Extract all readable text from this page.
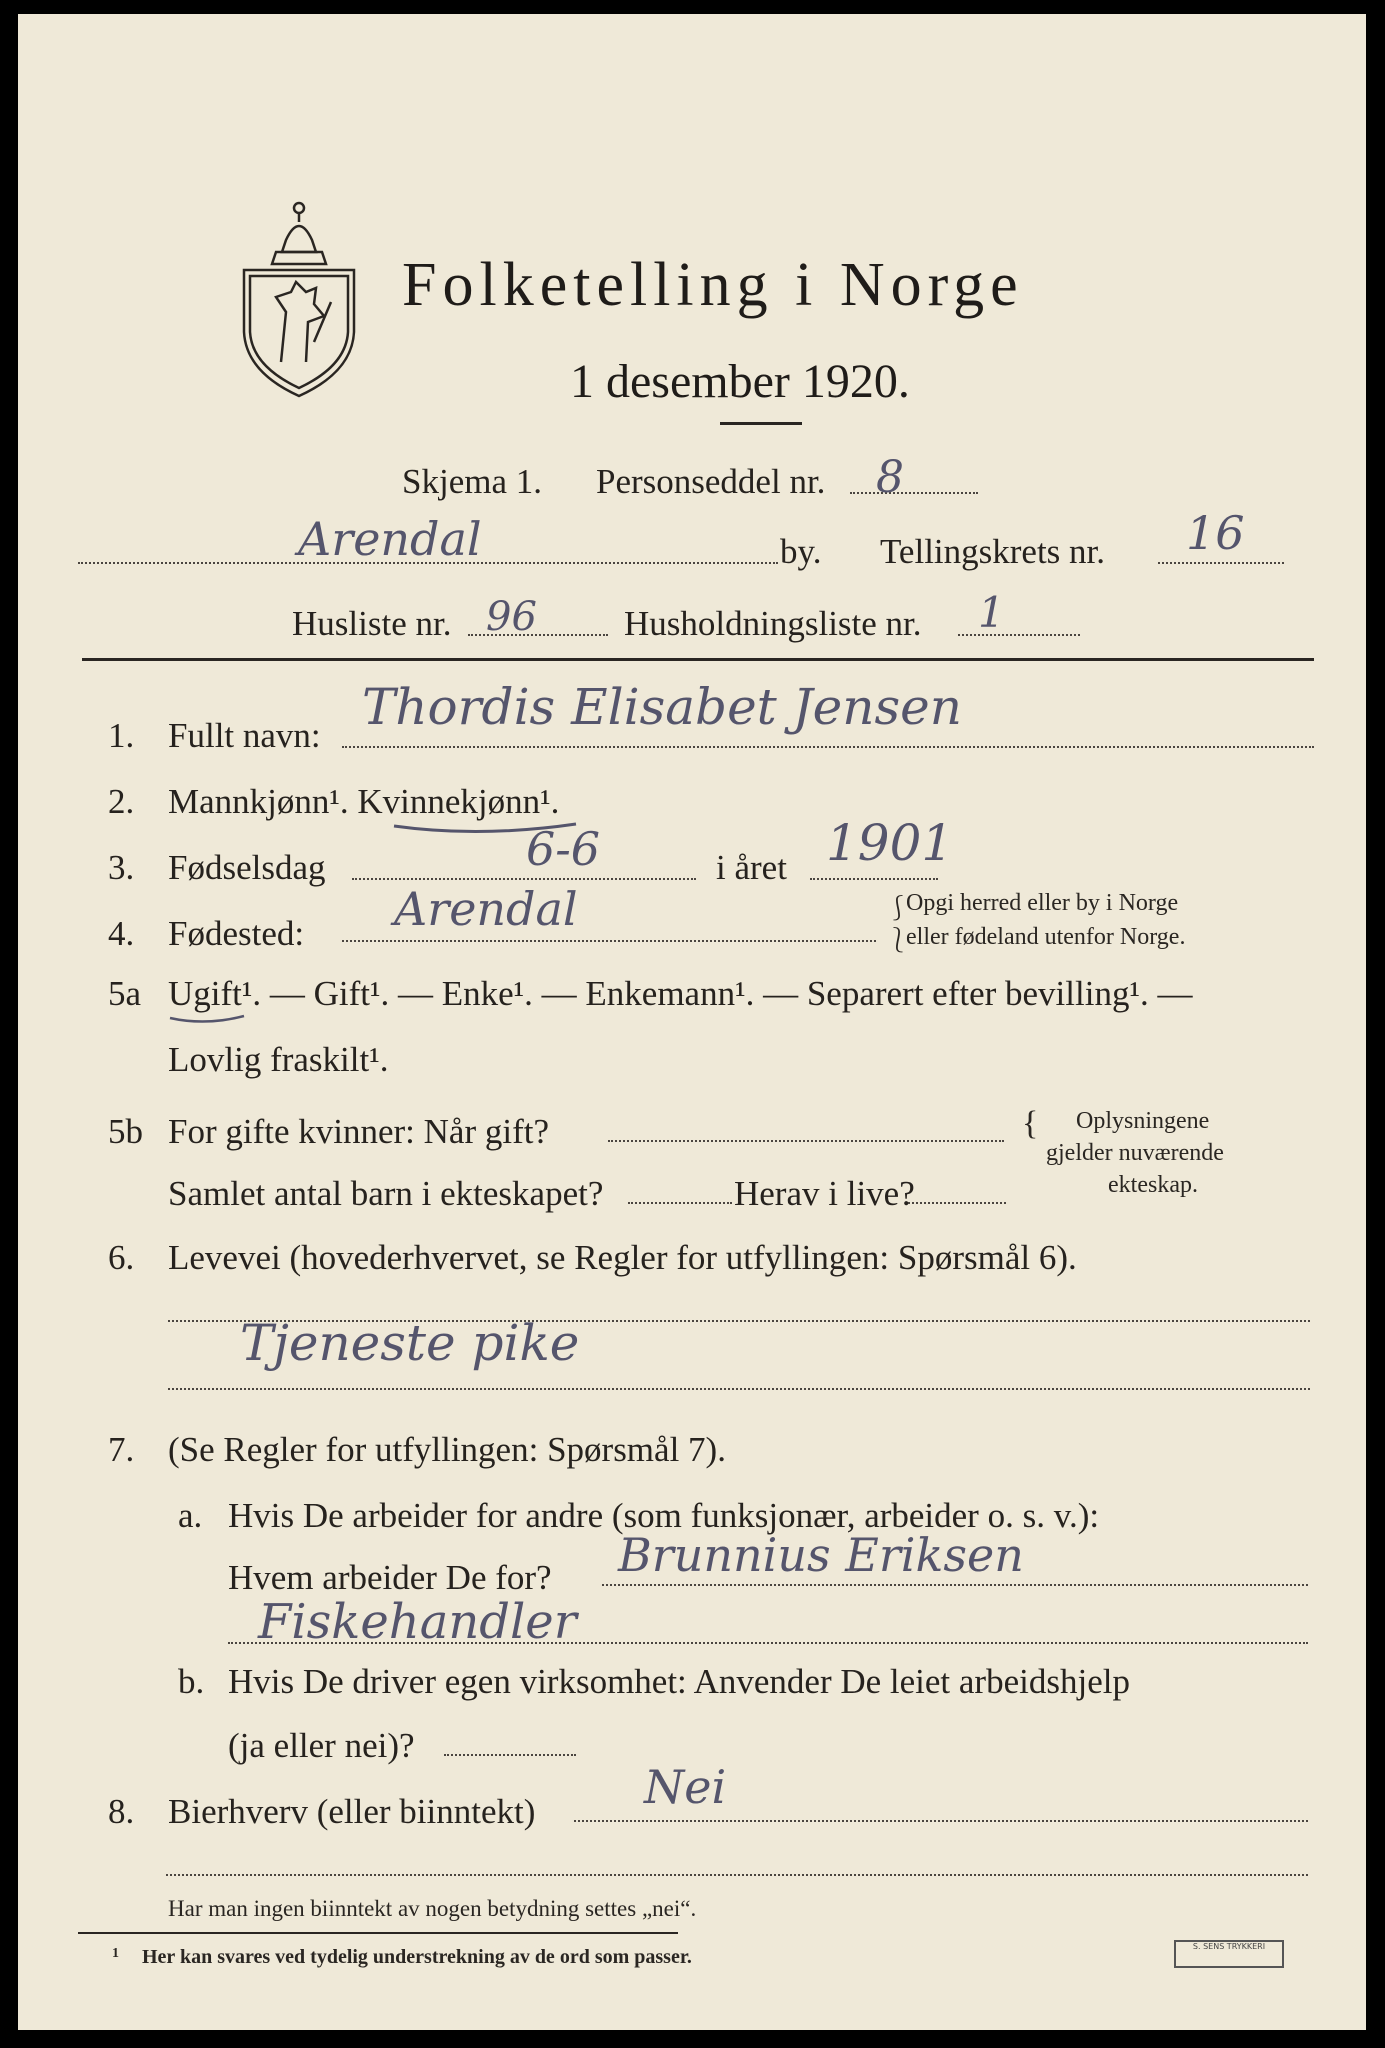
Folketelling i Norge
1 desember 1920.
Skjema 1. Personseddel nr. 8
Arendal	by. Tellingskrets nr. 16
Husliste nr. 96 Husholdningsliste nr. 1
1. Fullt navn: Thordis Elisabet Jensen
2. Mannkjønn¹. Kvinnekjønn¹.
3. Fødselsdag	6-6	i året 1901
4. Fødested: Arendal	⎰
⎱
Opgi herred eller by i Norge
eller fødeland utenfor Norge.
5a Ugift¹. — Gift¹. — Enke¹. — Enkemann¹. — Separert efter bevilling¹. —
Lovlig fraskilt¹.
5b For gifte kvinner: Når gift?
Samlet antal barn i ekteskapet?	Herav i live?
{ Oplysningene
gjelder nuværende
ekteskap.
6. Levevei (hovederhvervet, se Regler for utfyllingen: Spørsmål 6).
Tjeneste pike
7. (Se Regler for utfyllingen: Spørsmål 7).
a. Hvis De arbeider for andre (som funksjonær, arbeider o. s. v.):
Hvem arbeider De for? Brunnius Eriksen
Fiskehandler
b. Hvis De driver egen virksomhet: Anvender De leiet arbeidshjelp
(ja eller nei)?
8. Bierhverv (eller biinntekt) Nei
Har man ingen biinntekt av nogen betydning settes „nei“.
1 Her kan svares ved tydelig understrekning av de ord som passer.	S. SENS TRYKKERI
